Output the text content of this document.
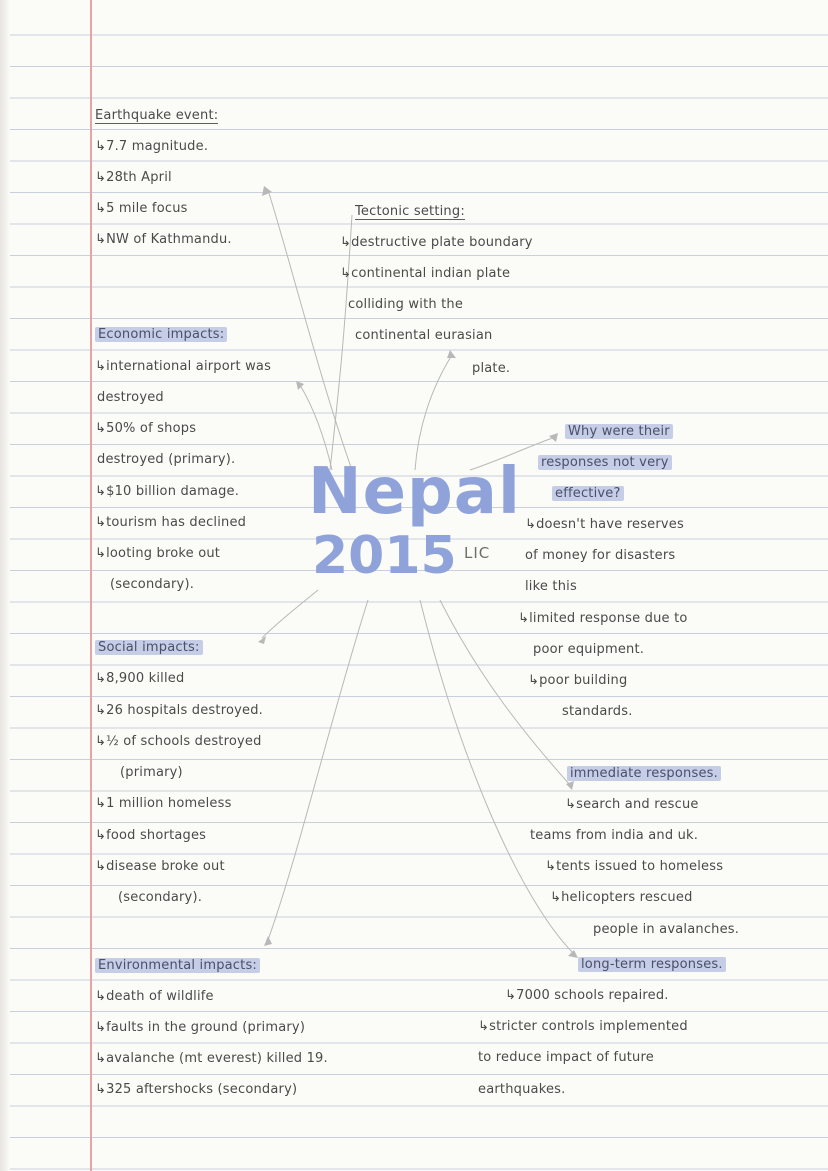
Earthquake event:
↳7.7 magnitude.
↳28th April
↳5 mile focus
↳NW of Kathmandu.
Tectonic setting:
↳destructive plate boundary
↳continental indian plate
colliding with the
continental eurasian
plate.
Economic impacts:
↳international airport was
destroyed
↳50% of shops
destroyed (primary).
↳$10 billion damage.
↳tourism has declined
↳looting broke out
(secondary).
Nepal
2015 LIC
Why were their
responses not very
effective?
↳doesn't have reserves
of money for disasters
like this
↳limited response due to
poor equipment.
↳poor building
standards.
Social impacts:
↳8,900 killed
↳26 hospitals destroyed.
↳½ of schools destroyed
(primary)
↳1 million homeless
↳food shortages
↳disease broke out
(secondary).
immediate responses.
↳search and rescue
teams from india and uk.
↳tents issued to homeless
↳helicopters rescued
people in avalanches.
Environmental impacts:
↳death of wildlife
↳faults in the ground (primary)
↳avalanche (mt everest) killed 19.
↳325 aftershocks (secondary)
long-term responses.
↳7000 schools repaired.
↳stricter controls implemented
to reduce impact of future
earthquakes.
